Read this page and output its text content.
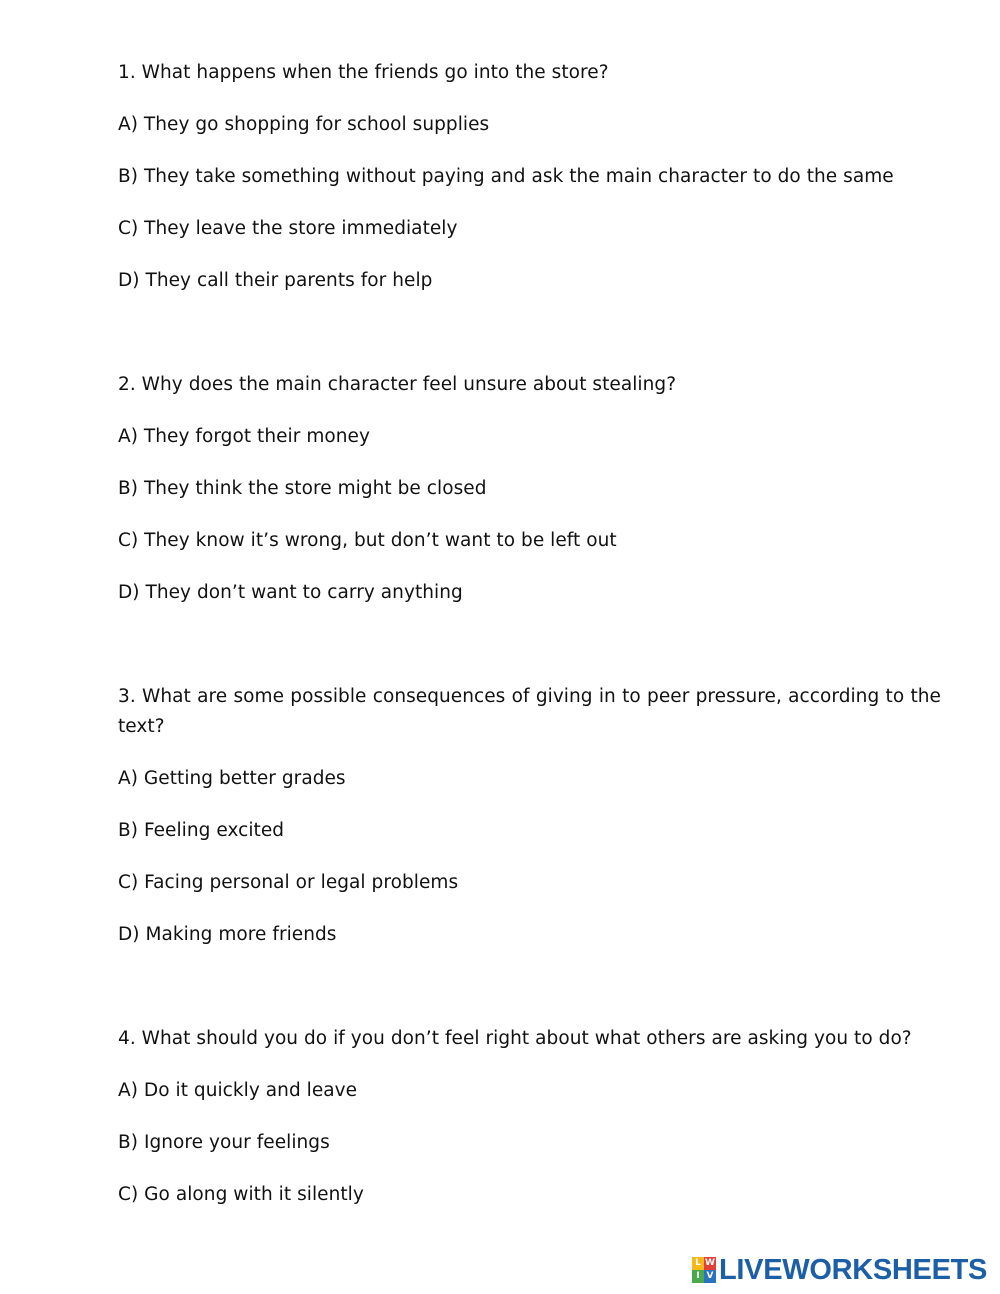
1. What happens when the friends go into the store?

A) They go shopping for school supplies

B) They take something without paying and ask the main character to do the same

C) They leave the store immediately

D) They call their parents for help

2. Why does the main character feel unsure about stealing?

A) They forgot their money

B) They think the store might be closed

C) They know it’s wrong, but don’t want to be left out

D) They don’t want to carry anything

3. What are some possible consequences of giving in to peer pressure, according to the text?

A) Getting better grades

B) Feeling excited

C) Facing personal or legal problems

D) Making more friends

4. What should you do if you don’t feel right about what others are asking you to do?

A) Do it quickly and leave

B) Ignore your feelings

C) Go along with it silently

L W
I V LIVEWORKSHEETS
